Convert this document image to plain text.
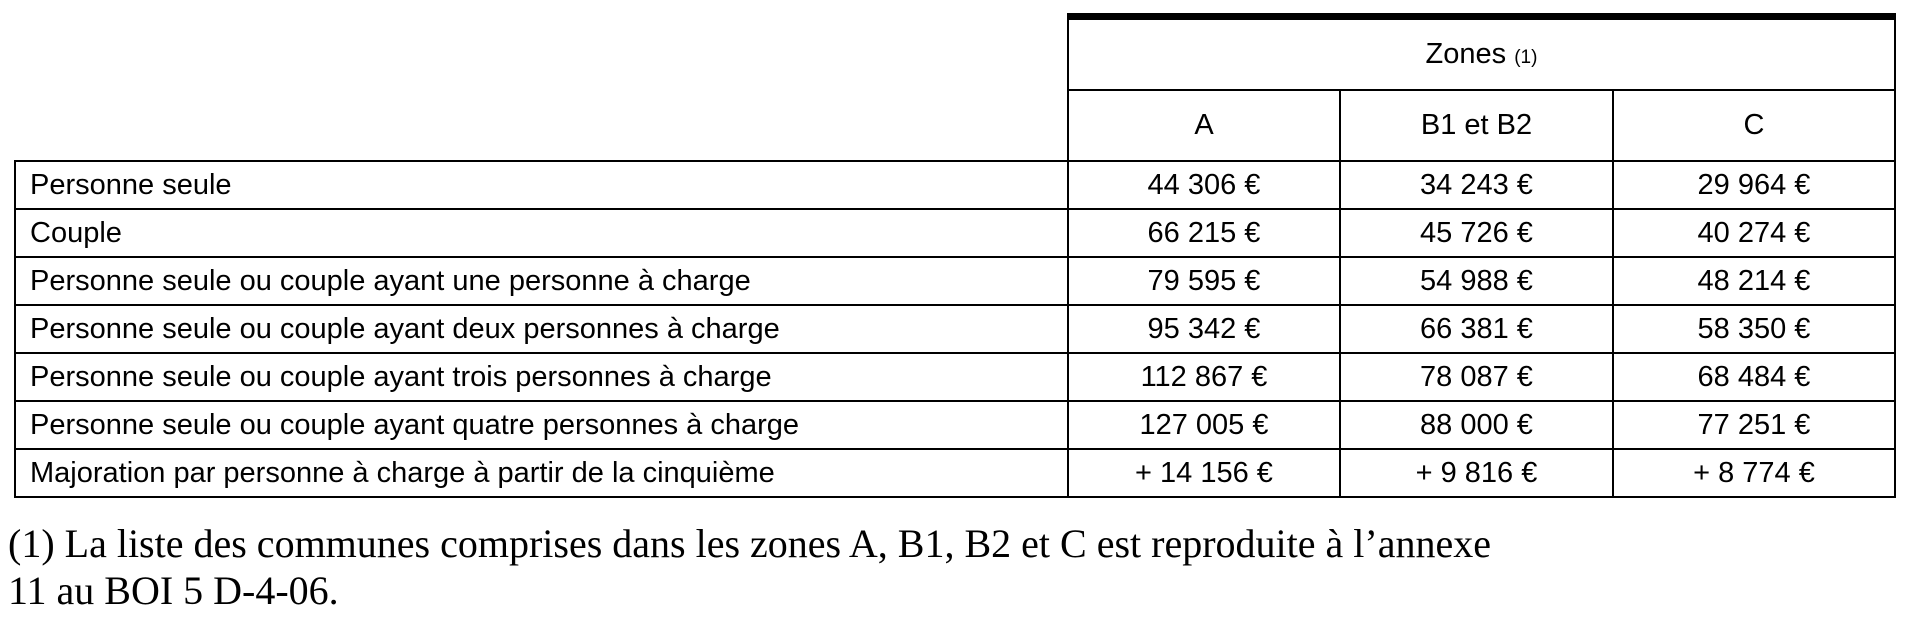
	Zones (1)		
	A	B1 et B2	C
Personne seule	44 306 €	34 243 €	29 964 €
Couple	66 215 €	45 726 €	40 274 €
Personne seule ou couple ayant une personne à charge	79 595 €	54 988 €	48 214 €
Personne seule ou couple ayant deux personnes à charge	95 342 €	66 381 €	58 350 €
Personne seule ou couple ayant trois personnes à charge	112 867 €	78 087 €	68 484 €
Personne seule ou couple ayant quatre personnes à charge	127 005 €	88 000 €	77 251 €
Majoration par personne à charge à partir de la cinquième	+ 14 156 €	+ 9 816 €	+ 8 774 €
(1) La liste des communes comprises dans les zones A, B1, B2 et C est reproduite à l’annexe
11 au BOI 5 D-4-06.
